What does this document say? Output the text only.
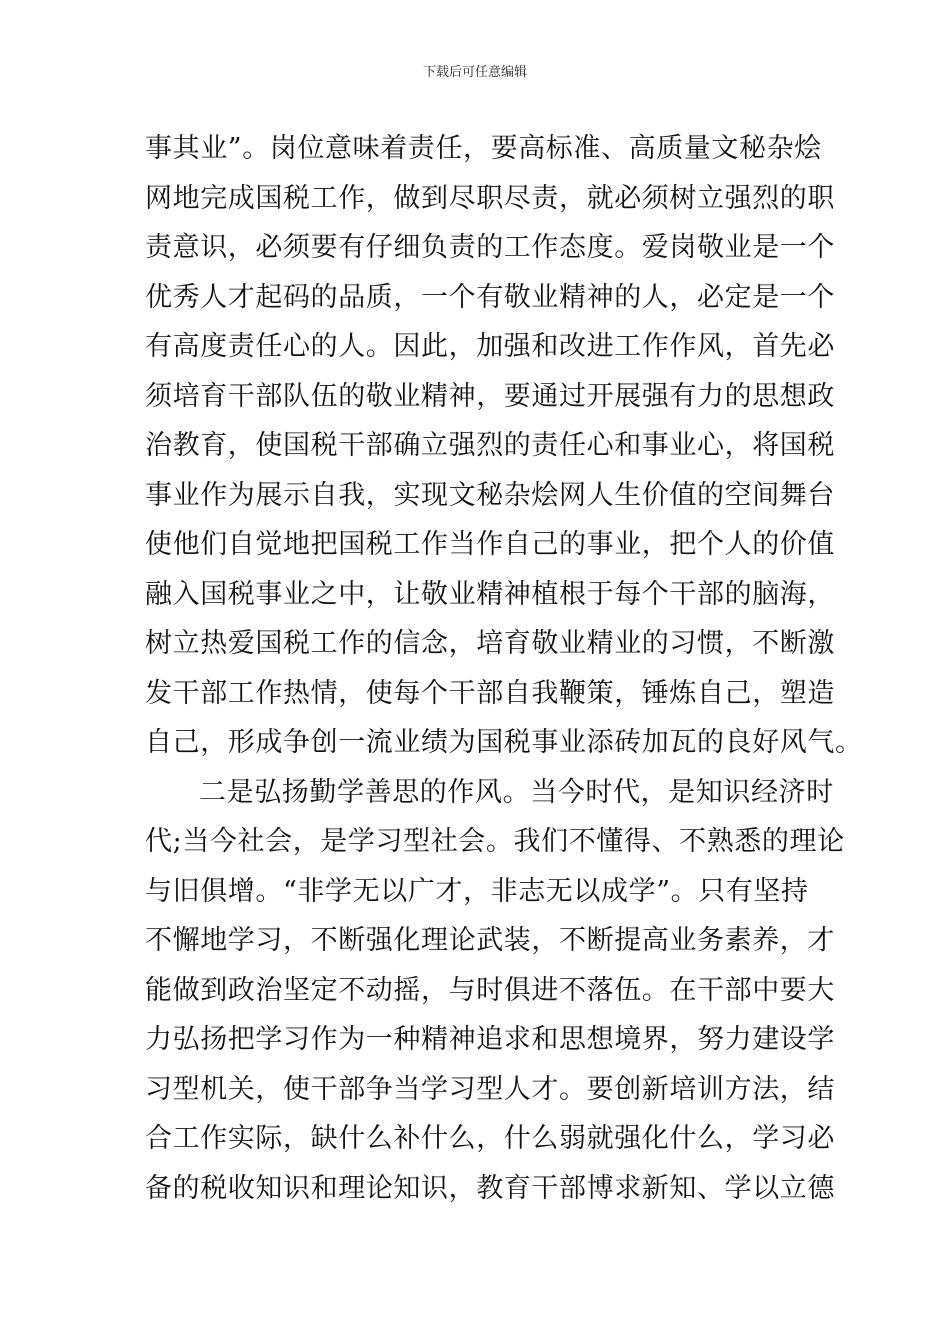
下载后可任意编辑
事其业”。岗位意味着责任，要高标准、高质量文秘杂烩
网地完成国税工作，做到尽职尽责，就必须树立强烈的职
责意识，必须要有仔细负责的工作态度。爱岗敬业是一个
优秀人才起码的品质，一个有敬业精神的人，必定是一个
有高度责任心的人。因此，加强和改进工作作风，首先必
须培育干部队伍的敬业精神，要通过开展强有力的思想政
治教育，使国税干部确立强烈的责任心和事业心，将国税
事业作为展示自我，实现文秘杂烩网人生价值的空间舞台
使他们自觉地把国税工作当作自己的事业，把个人的价值
融入国税事业之中，让敬业精神植根于每个干部的脑海，
树立热爱国税工作的信念，培育敬业精业的习惯，不断激
发干部工作热情，使每个干部自我鞭策，锤炼自己，塑造
自己，形成争创一流业绩为国税事业添砖加瓦的良好风气。
二是弘扬勤学善思的作风。当今时代，是知识经济时
代;当今社会，是学习型社会。我们不懂得、不熟悉的理论
与旧俱增。“非学无以广才，非志无以成学”。只有坚持
不懈地学习，不断强化理论武装，不断提高业务素养，才
能做到政治坚定不动摇，与时俱进不落伍。在干部中要大
力弘扬把学习作为一种精神追求和思想境界，努力建设学
习型机关，使干部争当学习型人才。要创新培训方法，结
合工作实际，缺什么补什么，什么弱就强化什么，学习必
备的税收知识和理论知识，教育干部博求新知、学以立德
